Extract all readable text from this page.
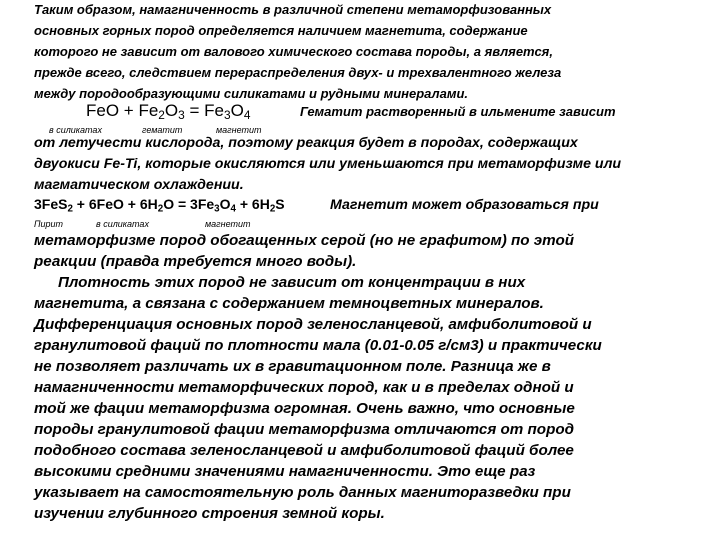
Таким образом, намагниченность в различной степени метаморфизованных
основных горных пород определяется наличием магнетита, содержание
которого не зависит от валового химического состава породы, а является,
прежде всего, следствием перераспределения двух- и трехвалентного железа
между породообразующими силикатами и рудными минералами.
FeO + $Fe_2O_3 = Fe_3O_4$	Гематит растворенный в ильмените зависит
в силикатах	гематит	магнетит
от летучести кислорода, поэтому реакция будет в породах, содержащих
двуокиси Fe-Ti, которые окисляются или уменьшаются при метаморфизме или
магматическом охлаждении.
$3FeS_2 + 6FeO + 6H_2O = 3Fe_3O_4 + 6H_2S$	Магнетит может образоваться при
Пирит	в силикатах	магнетит
метаморфизме пород обогащенных серой (но не графитом) по этой
реакции (правда требуется много воды).
Плотность этих пород не зависит от концентрации в них
магнетита, а связана с содержанием темноцветных минералов.
Дифференциация основных пород зеленосланцевой, амфиболитовой и
гранулитовой фаций по плотности мала (0.01-0.05 г/см3) и практически
не позволяет различать их в гравитационном поле. Разница же в
намагниченности метаморфических пород, как и в пределах одной и
той же фации метаморфизма огромная. Очень важно, что основные
породы гранулитовой фации метаморфизма отличаются от пород
подобного состава зеленосланцевой и амфиболитовой фаций более
высокими средними значениями намагниченности. Это еще раз
указывает на самостоятельную роль данных магниторазведки при
изучении глубинного строения земной коры.
